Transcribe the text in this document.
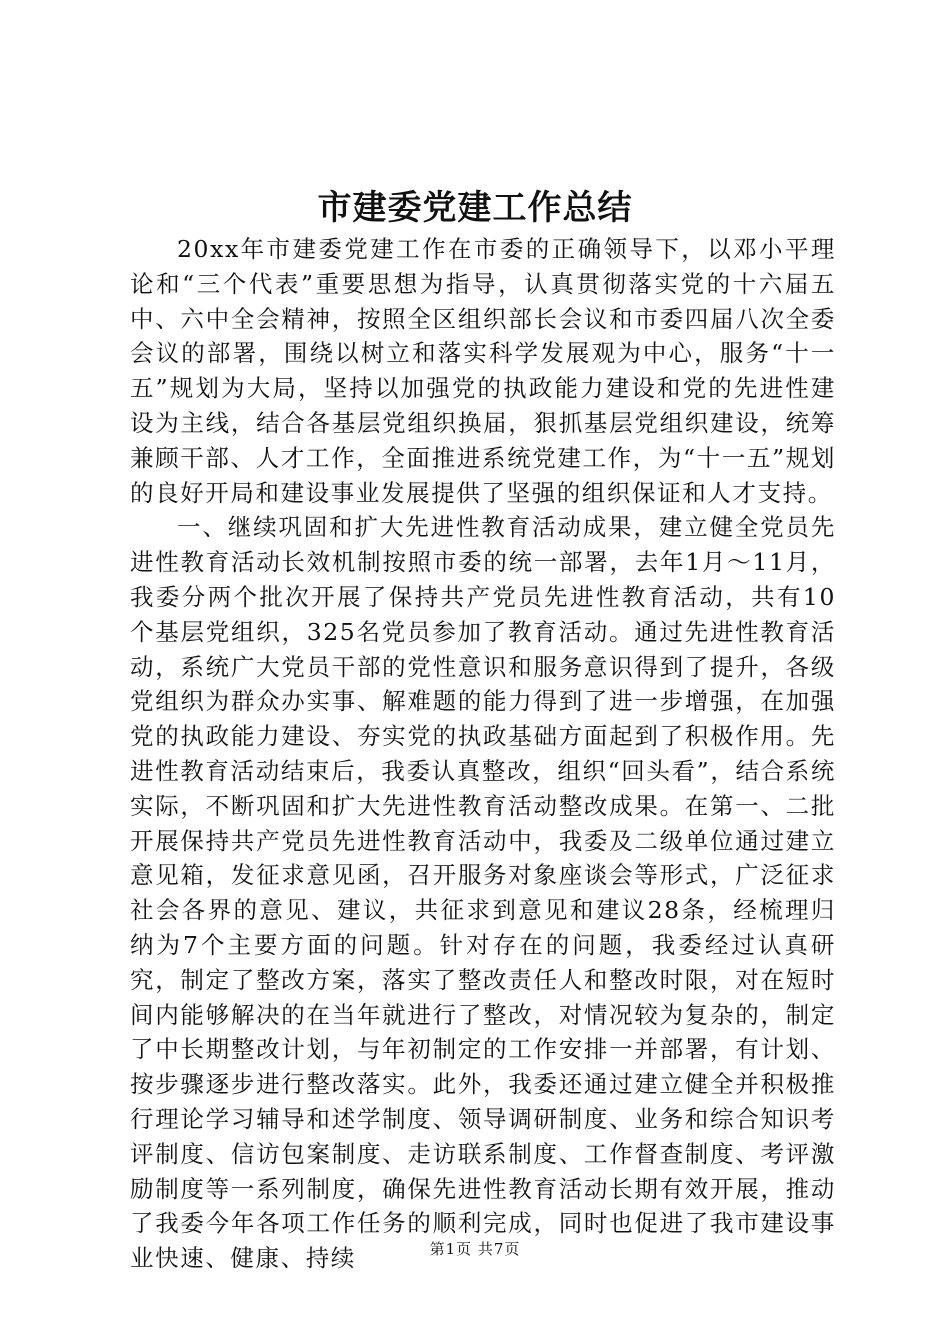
市建委党建工作总结

20xx年市建委党建工作在市委的正确领导下，以邓小平理论和“三个代表”重要思想为指导，认真贯彻落实党的十六届五中、六中全会精神，按照全区组织部长会议和市委四届八次全委会议的部署，围绕以树立和落实科学发展观为中心，服务“十一五”规划为大局，坚持以加强党的执政能力建设和党的先进性建设为主线，结合各基层党组织换届，狠抓基层党组织建设，统筹兼顾干部、人才工作，全面推进系统党建工作，为“十一五”规划的良好开局和建设事业发展提供了坚强的组织保证和人才支持。

一、继续巩固和扩大先进性教育活动成果，建立健全党员先进性教育活动长效机制按照市委的统一部署，去年1月～11月，我委分两个批次开展了保持共产党员先进性教育活动，共有10个基层党组织，325名党员参加了教育活动。通过先进性教育活动，系统广大党员干部的党性意识和服务意识得到了提升，各级党组织为群众办实事、解难题的能力得到了进一步增强，在加强党的执政能力建设、夯实党的执政基础方面起到了积极作用。先进性教育活动结束后，我委认真整改，组织“回头看”，结合系统实际，不断巩固和扩大先进性教育活动整改成果。在第一、二批开展保持共产党员先进性教育活动中，我委及二级单位通过建立意见箱，发征求意见函，召开服务对象座谈会等形式，广泛征求社会各界的意见、建议，共征求到意见和建议28条，经梳理归纳为7个主要方面的问题。针对存在的问题，我委经过认真研究，制定了整改方案，落实了整改责任人和整改时限，对在短时间内能够解决的在当年就进行了整改，对情况较为复杂的，制定了中长期整改计划，与年初制定的工作安排一并部署，有计划、按步骤逐步进行整改落实。此外，我委还通过建立健全并积极推行理论学习辅导和述学制度、领导调研制度、业务和综合知识考评制度、信访包案制度、走访联系制度、工作督查制度、考评激励制度等一系列制度，确保先进性教育活动长期有效开展，推动了我委今年各项工作任务的顺利完成，同时也促进了我市建设事业快速、健康、持续	第1页 共7页
